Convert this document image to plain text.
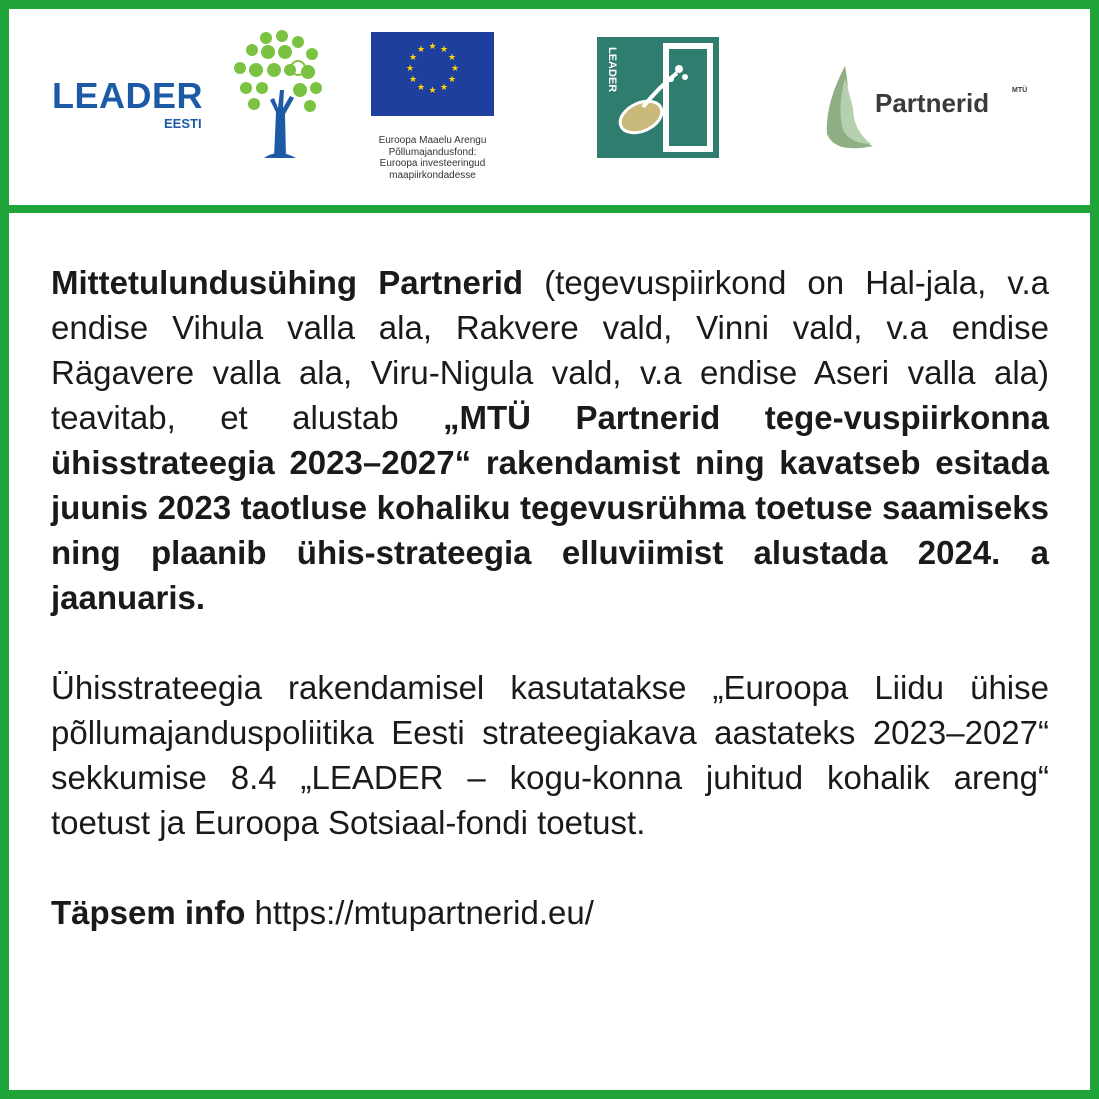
LEADER
EESTI
★ ★
★
★
★
★
★
★
★
★
★
★
Euroopa Maaelu Arengu
Põllumajandusfond:
Euroopa investeeringud
maapiirkondadesse
LEADER
Partnerid	MTÜ

Mittetulundusühing Partnerid (tegevuspiirkond on Hal-jala, v.a endise Vihula valla ala, Rakvere vald, Vinni vald, v.a endise Rägavere valla ala, Viru-Nigula vald, v.a endise Aseri valla ala) teavitab, et alustab „MTÜ Partnerid tege-vuspiirkonna ühisstrateegia 2023–2027“ rakendamist ning kavatseb esitada juunis 2023 taotluse kohaliku tegevusrühma toetuse saamiseks ning plaanib ühis-strateegia elluviimist alustada 2024. a jaanuaris.

Ühisstrateegia rakendamisel kasutatakse „Euroopa Liidu ühise põllumajanduspoliitika Eesti strateegiakava aastateks 2023–2027“ sekkumise 8.4 „LEADER – kogu-konna juhitud kohalik areng“ toetust ja Euroopa Sotsiaal-fondi toetust.

Täpsem info https://mtupartnerid.eu/
